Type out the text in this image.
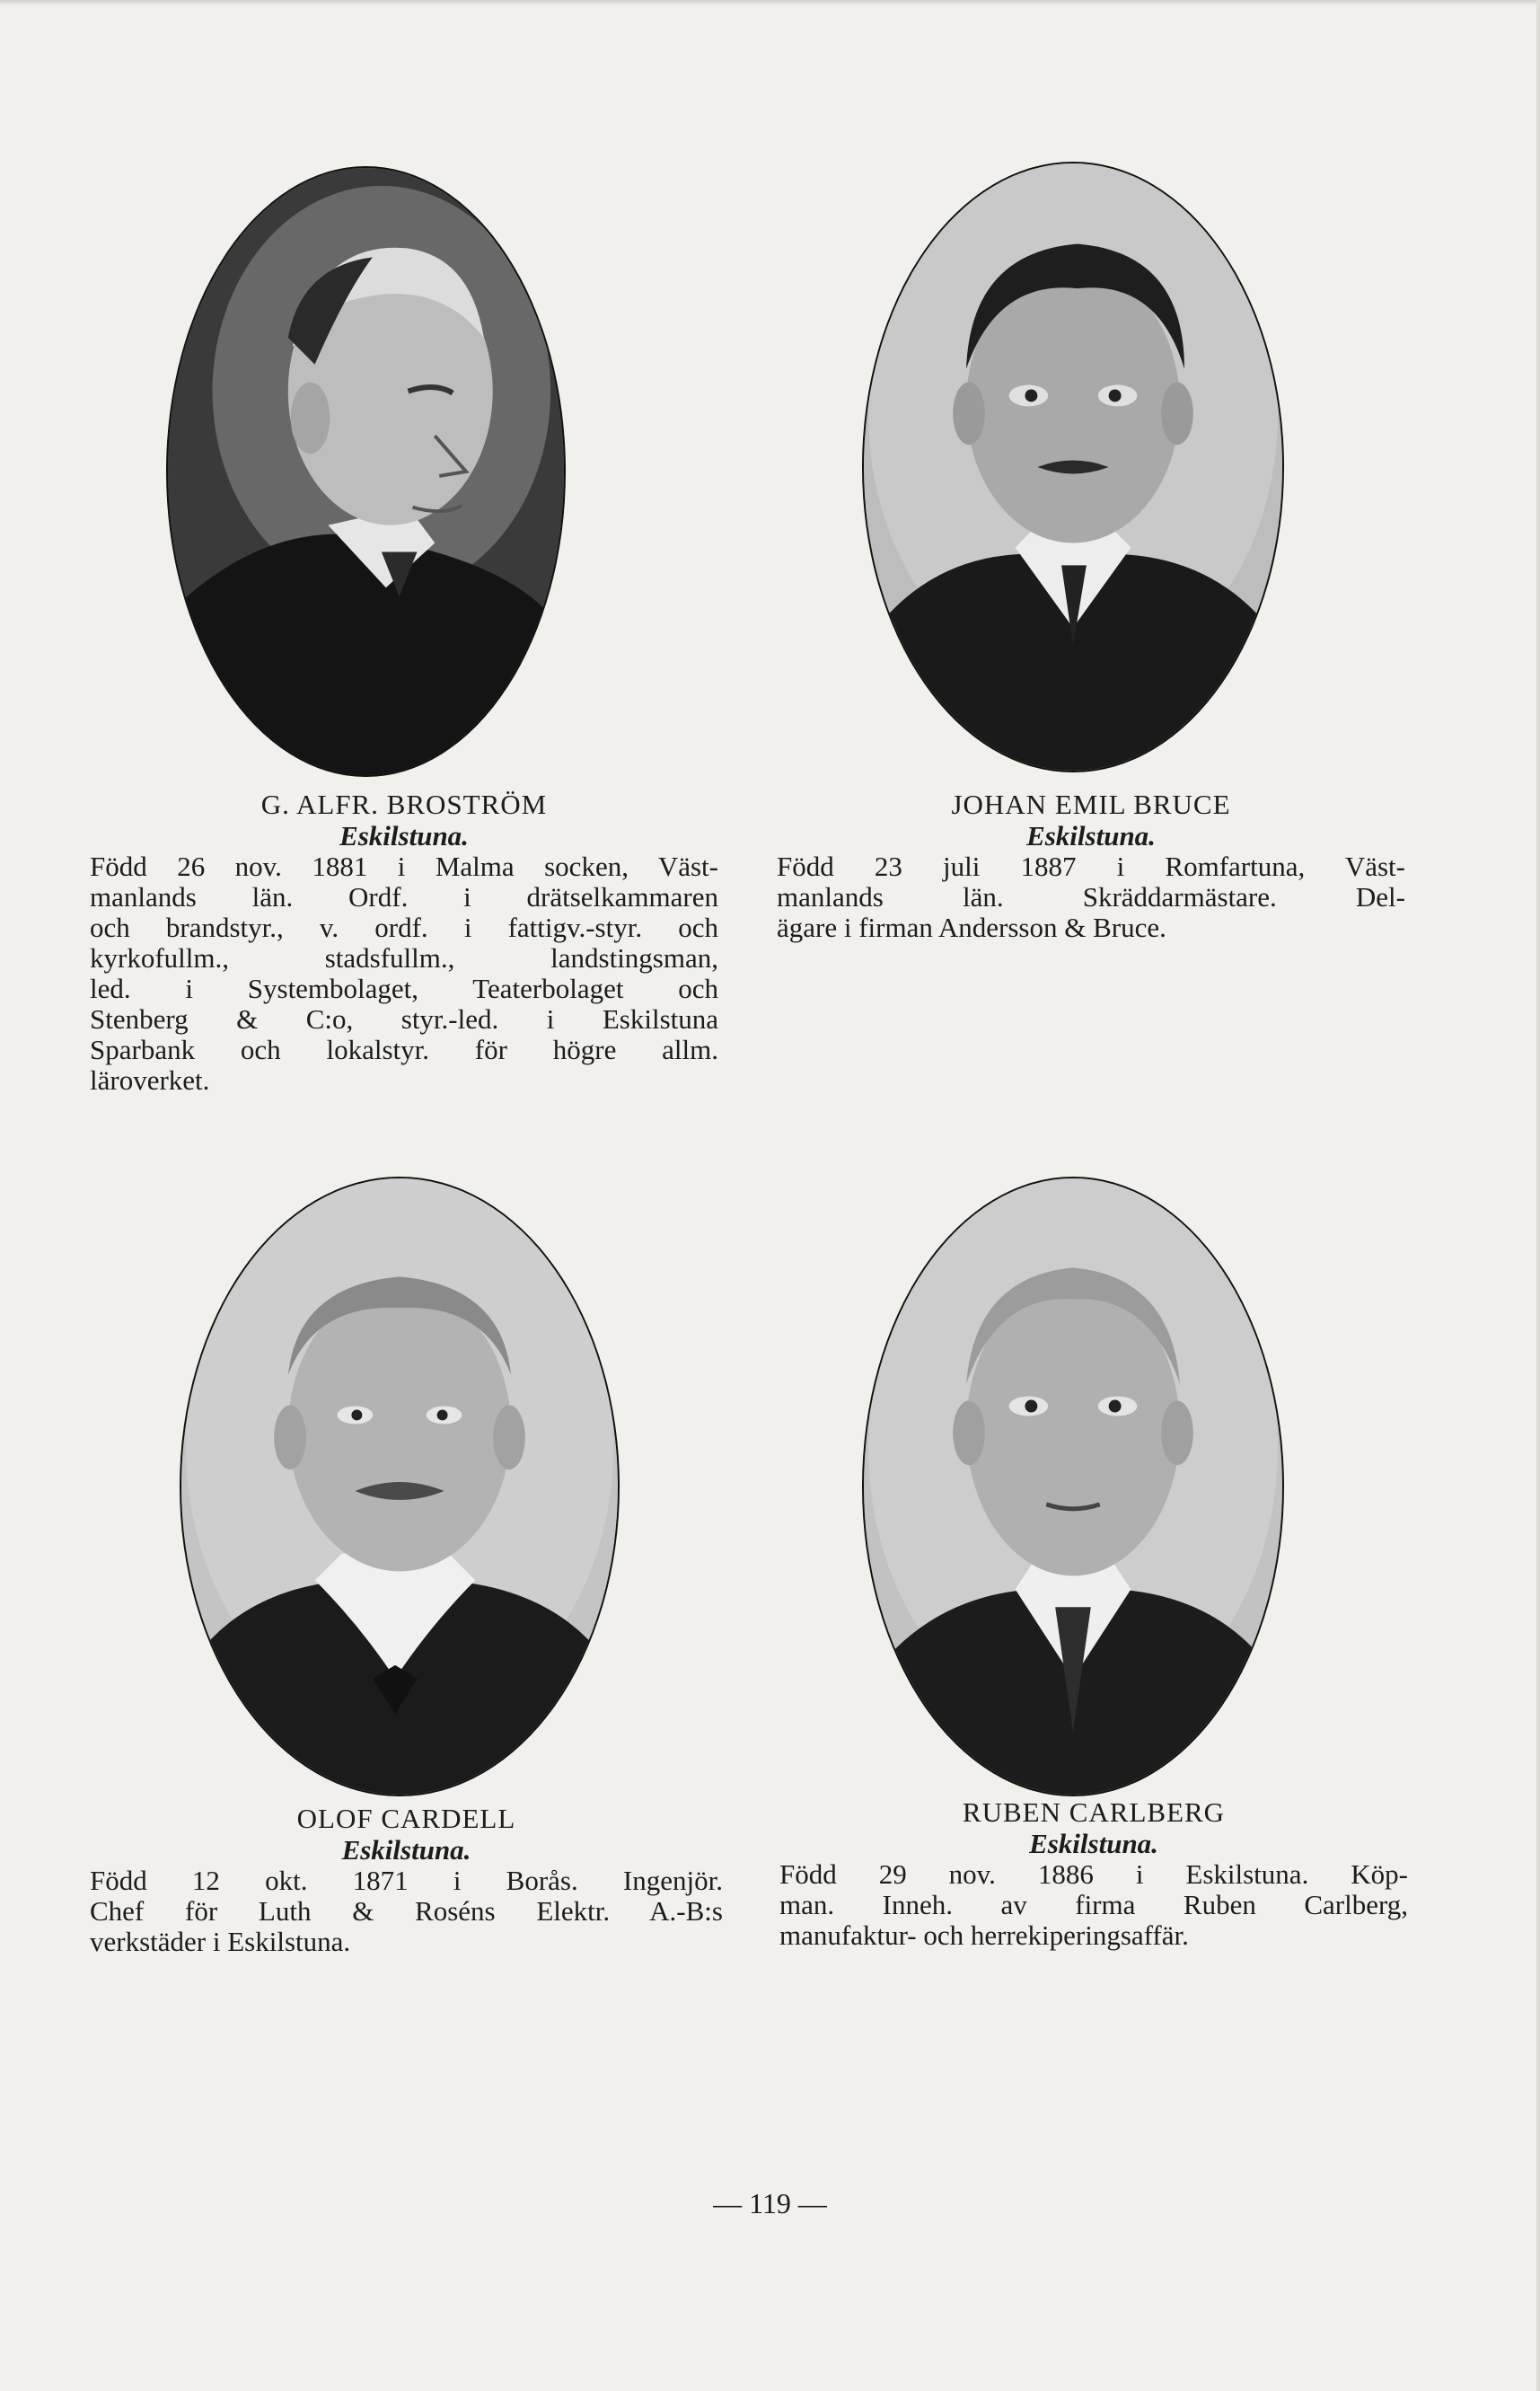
G. ALFR. BROSTRÖM
Eskilstuna.
Född 26 nov. 1881 i Malma socken, Väst-
manlands län. Ordf. i drätselkammaren
och brandstyr., v. ordf. i fattigv.-styr. och
kyrkofullm., stadsfullm., landstingsman,
led. i Systembolaget, Teaterbolaget och
Stenberg & C:o, styr.-led. i Eskilstuna
Sparbank och lokalstyr. för högre allm.
läroverket.
JOHAN EMIL BRUCE
Eskilstuna.
Född 23 juli 1887 i Romfartuna, Väst-
manlands län. Skräddarmästare. Del-
ägare i firman Andersson & Bruce.
OLOF CARDELL
Eskilstuna.
Född 12 okt. 1871 i Borås. Ingenjör.
Chef för Luth & Roséns Elektr. A.-B:s
verkstäder i Eskilstuna.
RUBEN CARLBERG
Eskilstuna.
Född 29 nov. 1886 i Eskilstuna. Köp-
man. Inneh. av firma Ruben Carlberg,
manufaktur- och herrekiperingsaffär.
— 119 —
